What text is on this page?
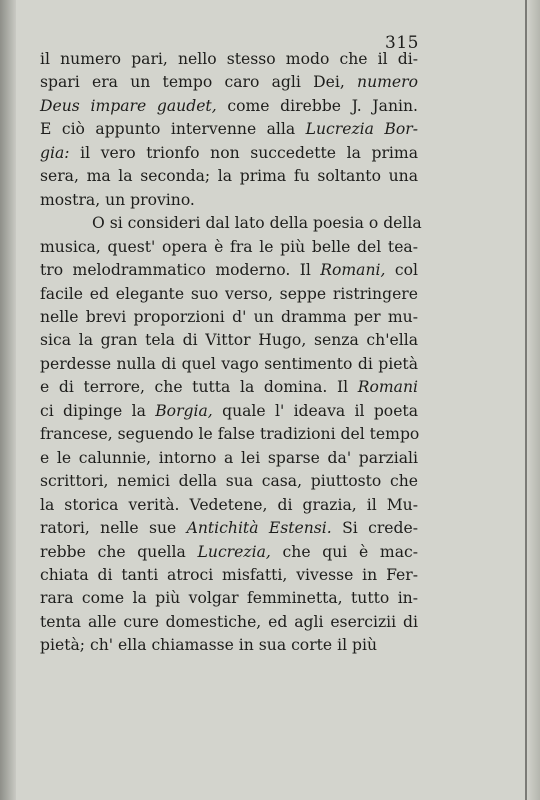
315
il numero pari, nello stesso modo che il di-
spari era un tempo caro agli Dei, numero
Deus impare gaudet, come direbbe J. Janin.
E ciò appunto intervenne alla Lucrezia Bor-
gia: il vero trionfo non succedette la prima
sera, ma la seconda; la prima fu soltanto una
mostra, un provino.
O si consideri dal lato della poesia o della
musica, quest' opera è fra le più belle del tea-
tro melodrammatico moderno. Il Romani, col
facile ed elegante suo verso, seppe ristringere
nelle brevi proporzioni d' un dramma per mu-
sica la gran tela di Vittor Hugo, senza ch'ella
perdesse nulla di quel vago sentimento di pietà
e di terrore, che tutta la domina. Il Romani
ci dipinge la Borgia, quale l' ideava il poeta
francese, seguendo le false tradizioni del tempo
e le calunnie, intorno a lei sparse da' parziali
scrittori, nemici della sua casa, piuttosto che
la storica verità. Vedetene, di grazia, il Mu-
ratori, nelle sue Antichità Estensi. Si crede-
rebbe che quella Lucrezia, che qui è mac-
chiata di tanti atroci misfatti, vivesse in Fer-
rara come la più volgar femminetta, tutto in-
tenta alle cure domestiche, ed agli esercizii di
pietà; ch' ella chiamasse in sua corte il più
